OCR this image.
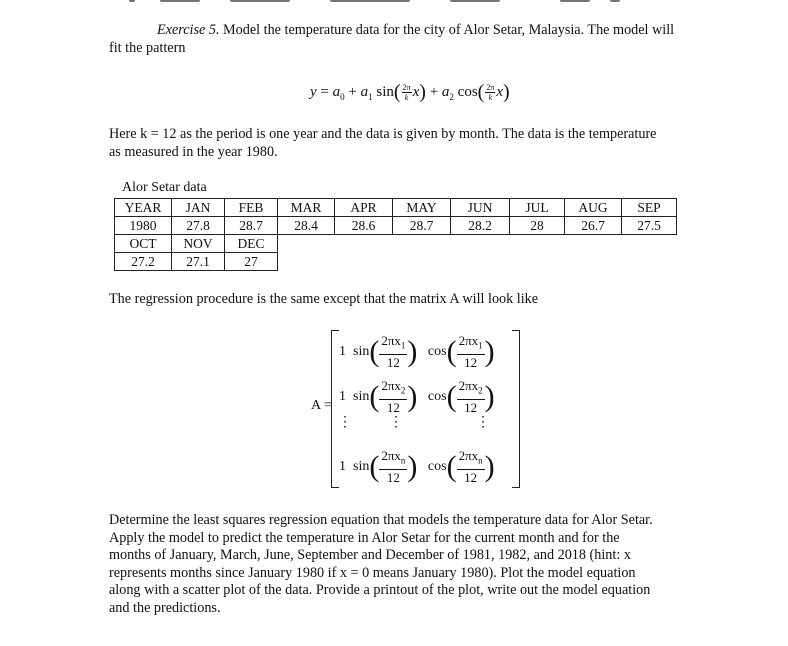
Exercise 5. Model the temperature data for the city of Alor Setar, Malaysia. The model will
fit the pattern
$y = a_0 + a_1$ $\sin( \frac{2\pi}{k} x) + a_2$ $\cos( \frac{2\pi}{k} x)$
Here k = 12 as the period is one year and the data is given by month. The data is the temperature
as measured in the year 1980.
Alor Setar data
YEAR	JAN	FEB	MAR	APR	MAY	JUN	JUL	AUG	SEP
1980	27.8	28.7	28.4	28.6	28.7	28.2	28	26.7	27.5
OCT	NOV	DEC
27.2	27.1	27
The regression procedure is the same except that the matrix A will look like
A =
1 $\sin( \frac{2\pi x_1}{12}$ ) $\cos( \frac{2\pi x_1}{12}$ )
1 $\sin( \frac{2\pi x_2}{12}$ ) $\cos( \frac{2\pi x_2}{12}$ )
⋮	⋮	⋮
1 $\sin( \frac{2\pi x_n}{12}$ ) $\cos( \frac{2\pi x_n}{12}$ )
Determine the least squares regression equation that models the temperature data for Alor Setar.
Apply the model to predict the temperature in Alor Setar for the current month and for the
months of January, March, June, September and December of 1981, 1982, and 2018 (hint: x
represents months since January 1980 if x = 0 means January 1980). Plot the model equation
along with a scatter plot of the data. Provide a printout of the plot, write out the model equation
and the predictions.
